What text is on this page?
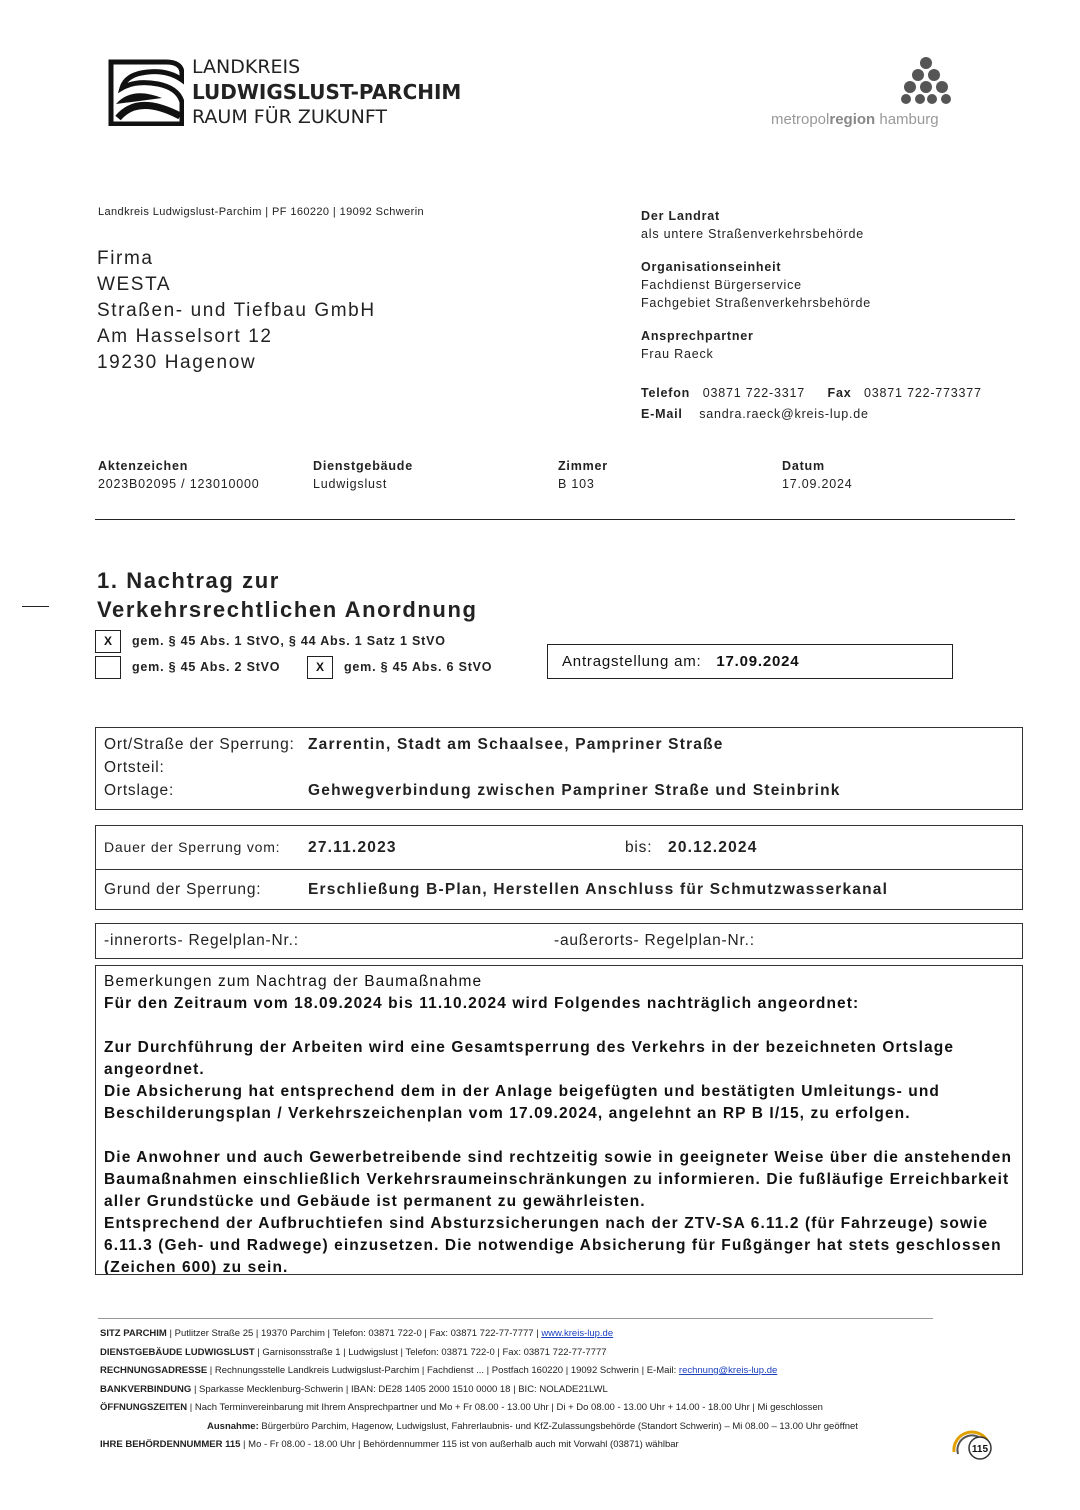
LANDKREIS
LUDWIGSLUST-PARCHIM
RAUM FÜR ZUKUNFT	metropolregion hamburg
Landkreis Ludwigslust-Parchim | PF 160220 | 19092 Schwerin
Firma
WESTA
Straßen- und Tiefbau GmbH
Am Hasselsort 12
19230 Hagenow
Der Landrat
als untere Straßenverkehrsbehörde
Organisationseinheit
Fachdienst Bürgerservice
Fachgebiet Straßenverkehrsbehörde
Ansprechpartner
Frau Raeck
Telefon 03871 722-3317 Fax 03871 722-773377
E-Mail sandra.raeck@kreis-lup.de
Aktenzeichen
2023B02095 / 123010000
Dienstgebäude
Ludwigslust
Zimmer
B 103
Datum
17.09.2024
1. Nachtrag zur
Verkehrsrechtlichen Anordnung
X	gem. § 45 Abs. 1 StVO, § 44 Abs. 1 Satz 1 StVO
gem. § 45 Abs. 2 StVO	X	gem. § 45 Abs. 6 StVO	Antragstellung am: 17.09.2024
Ort/Straße der Sperrung: Zarrentin, Stadt am Schaalsee, Pampriner Straße
Ortsteil:
Ortslage:	Gehwegverbindung zwischen Pampriner Straße und Steinbrink
Dauer der Sperrung vom: 27.11.2023	bis: 20.12.2024
Grund der Sperrung:	Erschließung B-Plan, Herstellen Anschluss für Schmutzwasserkanal
-innerorts- Regelplan-Nr.:	-außerorts- Regelplan-Nr.:

Bemerkungen zum Nachtrag der Baumaßnahme

Für den Zeitraum vom 18.09.2024 bis 11.10.2024 wird Folgendes nachträglich angeordnet:

Zur Durchführung der Arbeiten wird eine Gesamtsperrung des Verkehrs in der bezeichneten Ortslage angeordnet.

Die Absicherung hat entsprechend dem in der Anlage beigefügten und bestätigten Umleitungs- und Beschilderungsplan / Verkehrszeichenplan vom 17.09.2024, angelehnt an RP B I/15, zu erfolgen.

Die Anwohner und auch Gewerbetreibende sind rechtzeitig sowie in geeigneter Weise über die anstehenden Baumaßnahmen einschließlich Verkehrsraumeinschränkungen zu informieren. Die fußläufige Erreichbarkeit aller Grundstücke und Gebäude ist permanent zu gewährleisten.

Entsprechend der Aufbruchtiefen sind Absturzsicherungen nach der ZTV-SA 6.11.2 (für Fahrzeuge) sowie 6.11.3 (Geh- und Radwege) einzusetzen. Die notwendige Absicherung für Fußgänger hat stets geschlossen (Zeichen 600) zu sein.

SITZ PARCHIM | Putlitzer Straße 25 | 19370 Parchim | Telefon: 03871 722-0 | Fax: 03871 722-77-7777 | www.kreis-lup.de
DIENSTGEBÄUDE LUDWIGSLUST | Garnisonsstraße 1 | Ludwigslust | Telefon: 03871 722-0 | Fax: 03871 722-77-7777
RECHNUNGSADRESSE | Rechnungsstelle Landkreis Ludwigslust-Parchim | Fachdienst ... | Postfach 160220 | 19092 Schwerin | E-Mail: rechnung@kreis-lup.de
BANKVERBINDUNG | Sparkasse Mecklenburg-Schwerin | IBAN: DE28 1405 2000 1510 0000 18 | BIC: NOLADE21LWL
ÖFFNUNGSZEITEN | Nach Terminvereinbarung mit Ihrem Ansprechpartner und Mo + Fr 08.00 - 13.00 Uhr | Di + Do 08.00 - 13.00 Uhr + 14.00 - 18.00 Uhr | Mi geschlossen
Ausnahme: Bürgerbüro Parchim, Hagenow, Ludwigslust, Fahrerlaubnis- und KfZ-Zulassungsbehörde (Standort Schwerin) – Mi 08.00 – 13.00 Uhr geöffnet
IHRE BEHÖRDENNUMMER 115 | Mo - Fr 08.00 - 18.00 Uhr | Behördennummer 115 ist von außerhalb auch mit Vorwahl (03871) wählbar	115
